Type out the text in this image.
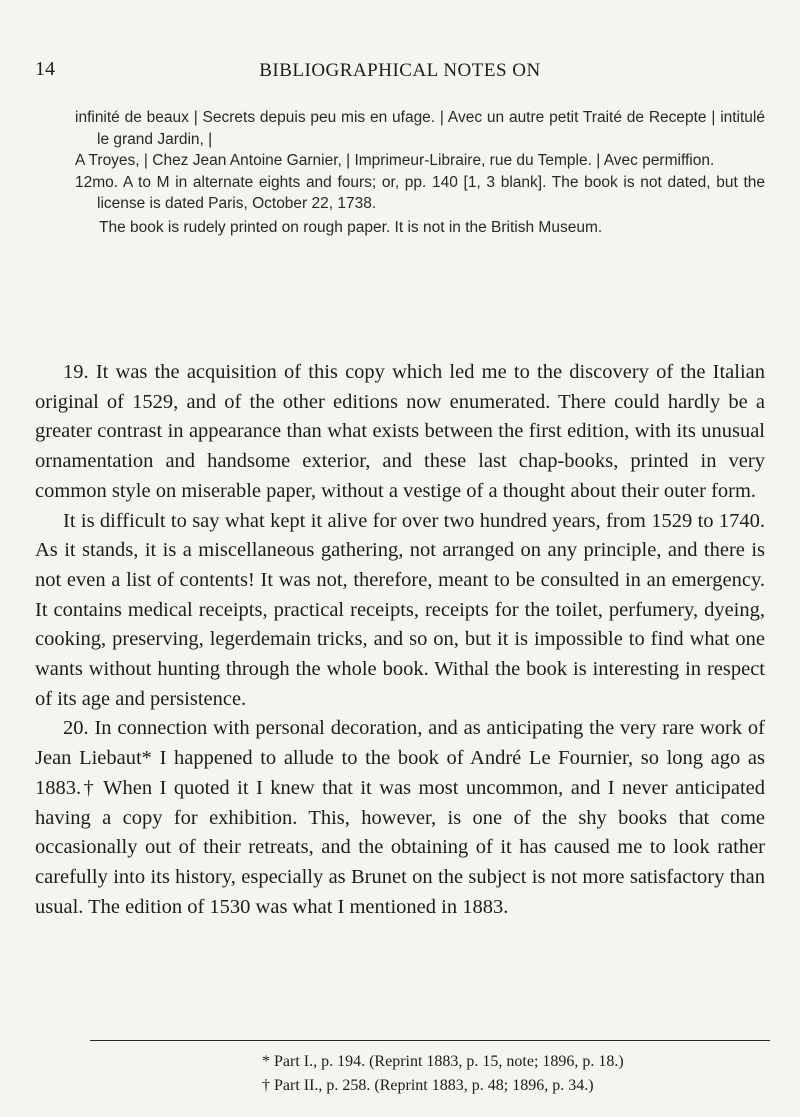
14	BIBLIOGRAPHICAL NOTES ON

infinité de beaux | Secrets depuis peu mis en ufage. | Avec un autre petit Traité de Recepte | intitulé le grand Jardin, |

A Troyes, | Chez Jean Antoine Garnier, | Imprimeur-Libraire, rue du Temple. | Avec permiffion.

12mo. A to M in alternate eights and fours; or, pp. 140 [1, 3 blank]. The book is not dated, but the license is dated Paris, October 22, 1738.

The book is rudely printed on rough paper. It is not in the British Museum.

19. It was the acquisition of this copy which led me to the discovery of the Italian original of 1529, and of the other editions now enumerated. There could hardly be a greater contrast in appearance than what exists between the first edition, with its unusual ornamentation and handsome exterior, and these last chap-books, printed in very common style on miserable paper, without a vestige of a thought about their outer form.

It is difficult to say what kept it alive for over two hundred years, from 1529 to 1740. As it stands, it is a miscellaneous gathering, not arranged on any principle, and there is not even a list of contents! It was not, therefore, meant to be consulted in an emergency. It contains medical receipts, practical receipts, receipts for the toilet, perfumery, dyeing, cooking, preserving, legerdemain tricks, and so on, but it is impossible to find what one wants without hunting through the whole book. Withal the book is interesting in respect of its age and persistence.

20. In connection with personal decoration, and as anticipating the very rare work of Jean Liebaut* I happened to allude to the book of André Le Fournier, so long ago as 1883.† When I quoted it I knew that it was most uncommon, and I never anticipated having a copy for exhibition. This, however, is one of the shy books that come occasionally out of their retreats, and the obtaining of it has caused me to look rather carefully into its history, especially as Brunet on the subject is not more satisfactory than usual. The edition of 1530 was what I mentioned in 1883.

* Part I., p. 194. (Reprint 1883, p. 15, note; 1896, p. 18.)
† Part II., p. 258. (Reprint 1883, p. 48; 1896, p. 34.)
